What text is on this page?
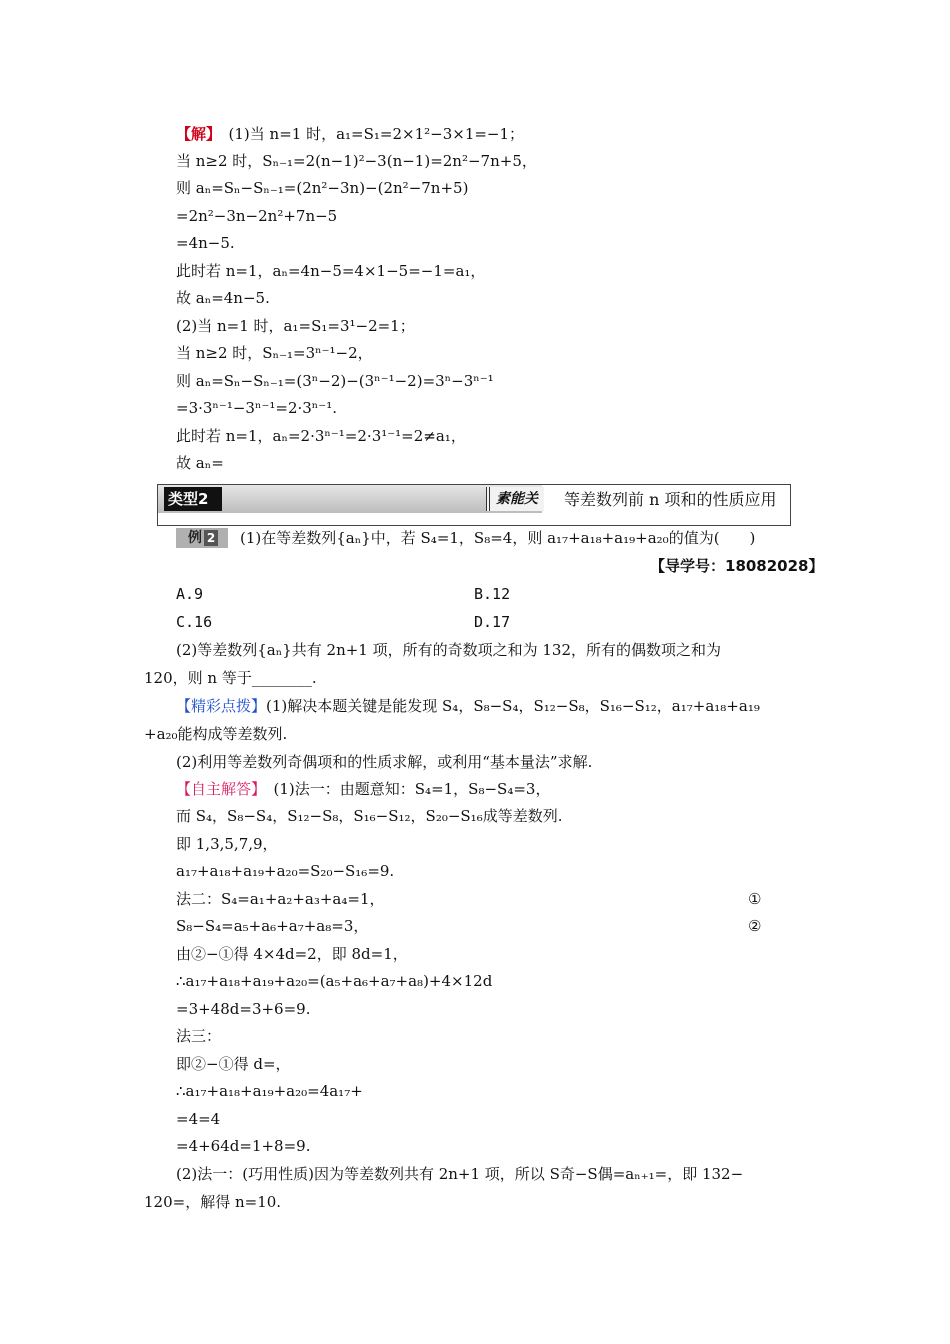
【解】　 (1)当 n=1 时，a₁=S₁=2×1²−3×1=−1；
当 n≥2 时，Sₙ₋₁=2(n−1)²−3(n−1)=2n²−7n+5，
则 aₙ=Sₙ−Sₙ₋₁=(2n²−3n)−(2n²−7n+5)
=2n²−3n−2n²+7n−5
=4n−5.
此时若 n=1，aₙ=4n−5=4×1−5=−1=a₁，
故 aₙ=4n−5.
(2)当 n=1 时，a₁=S₁=3¹−2=1；
当 n≥2 时，Sₙ₋₁=3ⁿ⁻¹−2，
则 aₙ=Sₙ−Sₙ₋₁=(3ⁿ−2)−(3ⁿ⁻¹−2)=3ⁿ−3ⁿ⁻¹
=3·3ⁿ⁻¹−3ⁿ⁻¹=2·3ⁿ⁻¹.
此时若 n=1，aₙ=2·3ⁿ⁻¹=2·3¹⁻¹=2≠a₁，
故 aₙ=
类型2	素能关	等差数列前 n 项和的性质应用
例 2	(1)在等差数列{aₙ}中，若 S₄=1，S₈=4，则 a₁₇+a₁₈+a₁₉+a₂₀的值为(　　)
【导学号：18082028】
A.9	B.12
C.16	D.17
(2)等差数列{aₙ}共有 2n+1 项，所有的奇数项之和为 132，所有的偶数项之和为
120，则 n 等于________.
【精彩点拨】(1)解决本题关键是能发现 S₄，S₈−S₄，S₁₂−S₈，S₁₆−S₁₂，a₁₇+a₁₈+a₁₉
+a₂₀能构成等差数列.
(2)利用等差数列奇偶项和的性质求解，或利用“基本量法”求解.
【自主解答】　 (1)法一：由题意知：S₄=1，S₈−S₄=3，
而 S₄，S₈−S₄，S₁₂−S₈，S₁₆−S₁₂，S₂₀−S₁₆成等差数列.
即 1,3,5,7,9，
a₁₇+a₁₈+a₁₉+a₂₀=S₂₀−S₁₆=9.
法二：S₄=a₁+a₂+a₃+a₄=1，	①
S₈−S₄=a₅+a₆+a₇+a₈=3，	②
由②−①得 4×4d=2，即 8d=1，
∴a₁₇+a₁₈+a₁₉+a₂₀=(a₅+a₆+a₇+a₈)+4×12d
=3+48d=3+6=9.
法三：
即②−①得 d=，
∴a₁₇+a₁₈+a₁₉+a₂₀=4a₁₇+
=4=4
=4+64d=1+8=9.
(2)法一：(巧用性质)因为等差数列共有 2n+1 项，所以 S奇−S偶=aₙ₊₁=，即 132−
120=，解得 n=10.
